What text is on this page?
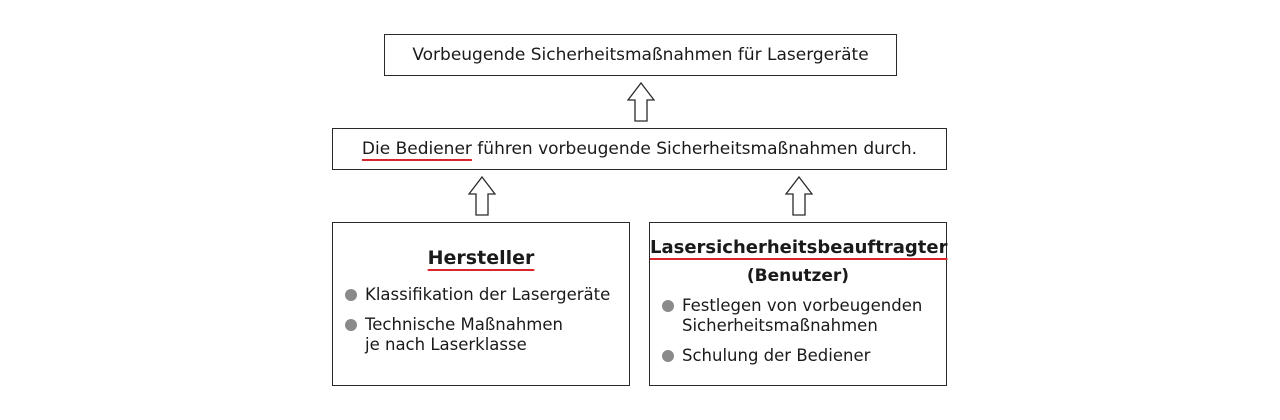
Vorbeugende Sicherheitsmaßnahmen für Lasergeräte
Die Bediener führen vorbeugende Sicherheitsmaßnahmen durch.
Hersteller
Klassifikation der Lasergeräte
Technische Maßnahmen
je nach Laserklasse
Lasersicherheitsbeauftragter
(Benutzer)
Festlegen von vorbeugenden
Sicherheitsmaßnahmen
Schulung der Bediener
